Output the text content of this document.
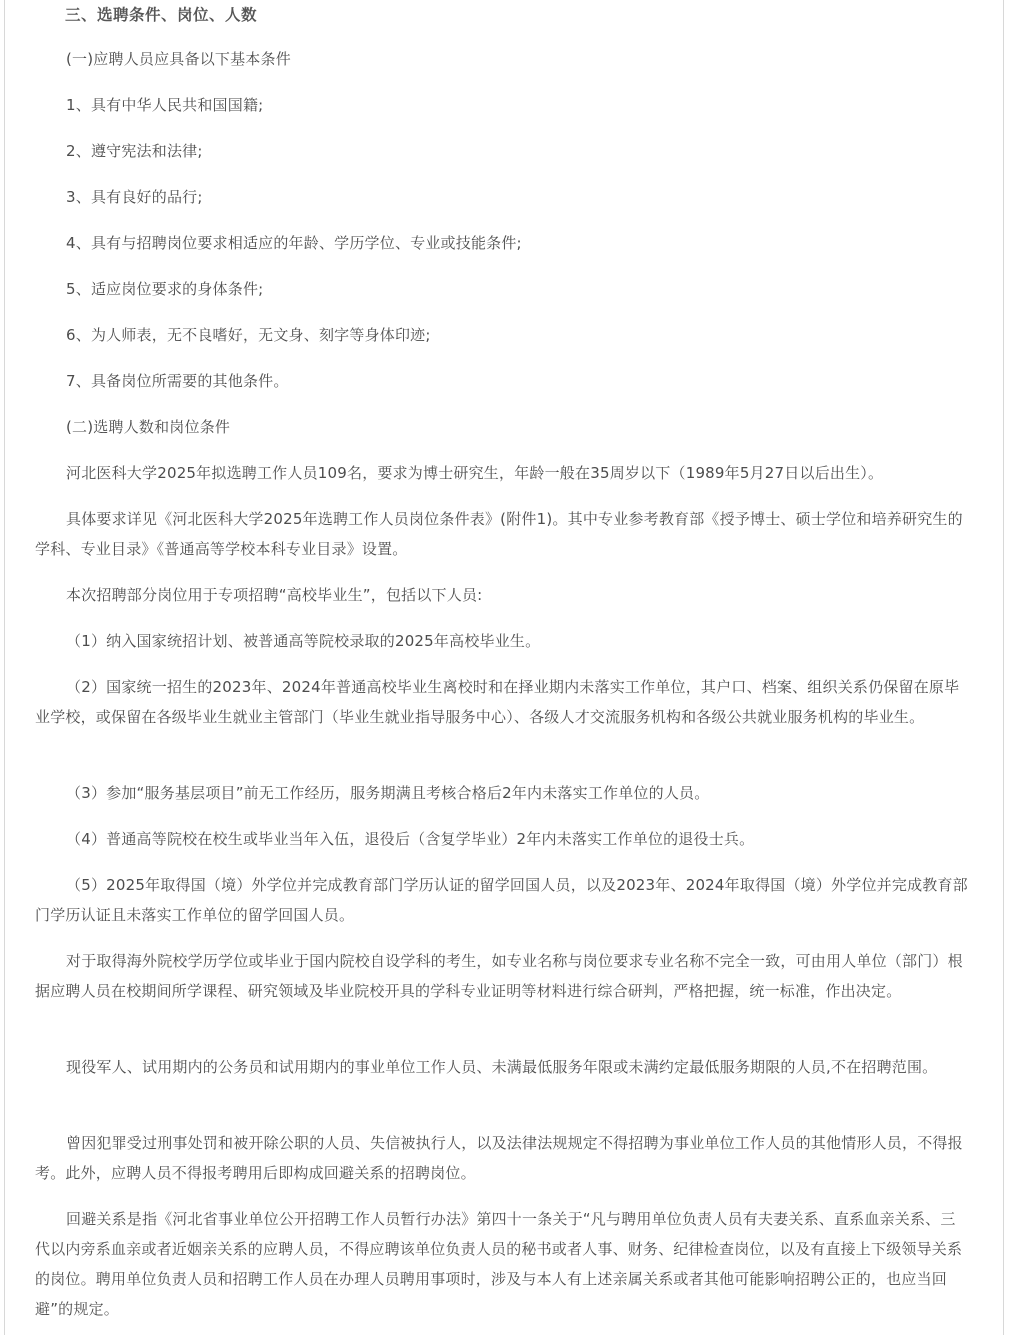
三、选聘条件、岗位、人数
(一)应聘人员应具备以下基本条件
1、具有中华人民共和国国籍;
2、遵守宪法和法律;
3、具有良好的品行;
4、具有与招聘岗位要求相适应的年龄、学历学位、专业或技能条件;
5、适应岗位要求的身体条件;
6、为人师表，无不良嗜好，无文身、刻字等身体印迹;
7、具备岗位所需要的其他条件。
(二)选聘人数和岗位条件
河北医科大学2025年拟选聘工作人员109名，要求为博士研究生，年龄一般在35周岁以下（1989年5月27日以后出生）。
具体要求详见《河北医科大学2025年选聘工作人员岗位条件表》(附件1)。其中专业参考教育部《授予博士、硕士学位和培养研究生的学科、专业目录》《普通高等学校本科专业目录》设置。
本次招聘部分岗位用于专项招聘“高校毕业生”，包括以下人员:
（1）纳入国家统招计划、被普通高等院校录取的2025年高校毕业生。
（2）国家统一招生的2023年、2024年普通高校毕业生离校时和在择业期内未落实工作单位，其户口、档案、组织关系仍保留在原毕业学校，或保留在各级毕业生就业主管部门（毕业生就业指导服务中心）、各级人才交流服务机构和各级公共就业服务机构的毕业生。
（3）参加“服务基层项目”前无工作经历，服务期满且考核合格后2年内未落实工作单位的人员。
（4）普通高等院校在校生或毕业当年入伍，退役后（含复学毕业）2年内未落实工作单位的退役士兵。
（5）2025年取得国（境）外学位并完成教育部门学历认证的留学回国人员，以及2023年、2024年取得国（境）外学位并完成教育部门学历认证且未落实工作单位的留学回国人员。
对于取得海外院校学历学位或毕业于国内院校自设学科的考生，如专业名称与岗位要求专业名称不完全一致，可由用人单位（部门）根据应聘人员在校期间所学课程、研究领域及毕业院校开具的学科专业证明等材料进行综合研判，严格把握，统一标准，作出决定。
现役军人、试用期内的公务员和试用期内的事业单位工作人员、未满最低服务年限或未满约定最低服务期限的人员,不在招聘范围。
曾因犯罪受过刑事处罚和被开除公职的人员、失信被执行人，以及法律法规规定不得招聘为事业单位工作人员的其他情形人员，不得报考。此外，应聘人员不得报考聘用后即构成回避关系的招聘岗位。
回避关系是指《河北省事业单位公开招聘工作人员暂行办法》第四十一条关于“凡与聘用单位负责人员有夫妻关系、直系血亲关系、三代以内旁系血亲或者近姻亲关系的应聘人员，不得应聘该单位负责人员的秘书或者人事、财务、纪律检查岗位，以及有直接上下级领导关系的岗位。聘用单位负责人员和招聘工作人员在办理人员聘用事项时，涉及与本人有上述亲属关系或者其他可能影响招聘公正的，也应当回避”的规定。
